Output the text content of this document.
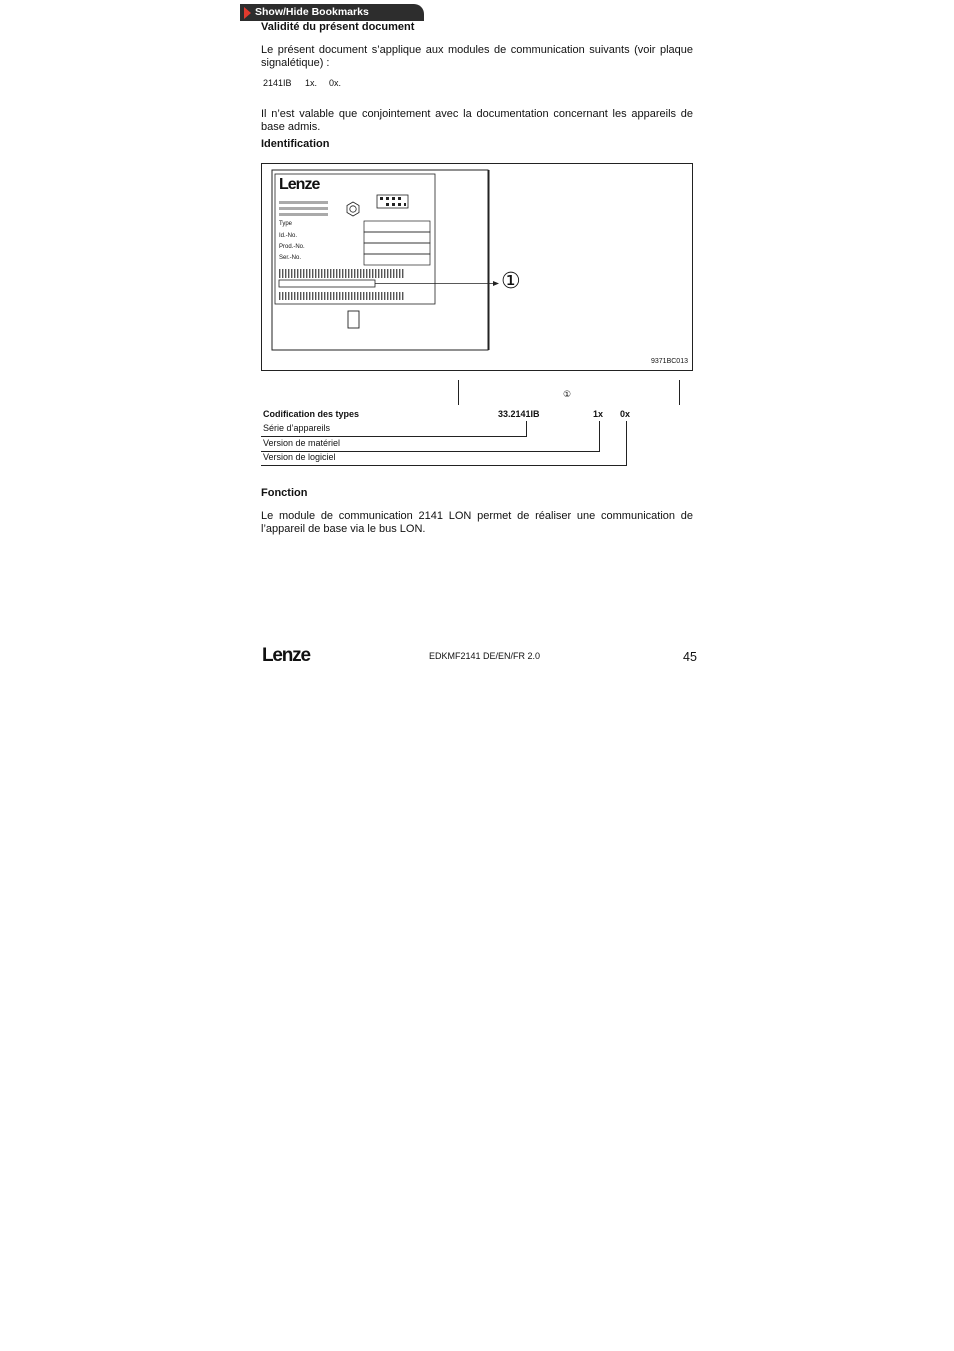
Show/Hide Bookmarks
Validité du présent document
Le présent document s’applique aux modules de communication suivants (voir plaque signalétique) :
2141IB 1x. 0x.
Il n’est valable que conjointement avec la documentation concernant les appareils de base admis.
Identification
Lenze
Type
Id.-No.
Prod.-No.
Ser.-No.
①
9371BC013
①
Codification des types	33.2141IB	1x 0x
Série d’appareils
Version de matériel
Version de logiciel
Fonction
Le module de communication 2141 LON permet de réaliser une communication de l’appareil de base via le bus LON.
Lenze	EDKMF2141 DE/EN/FR 2.0	45
